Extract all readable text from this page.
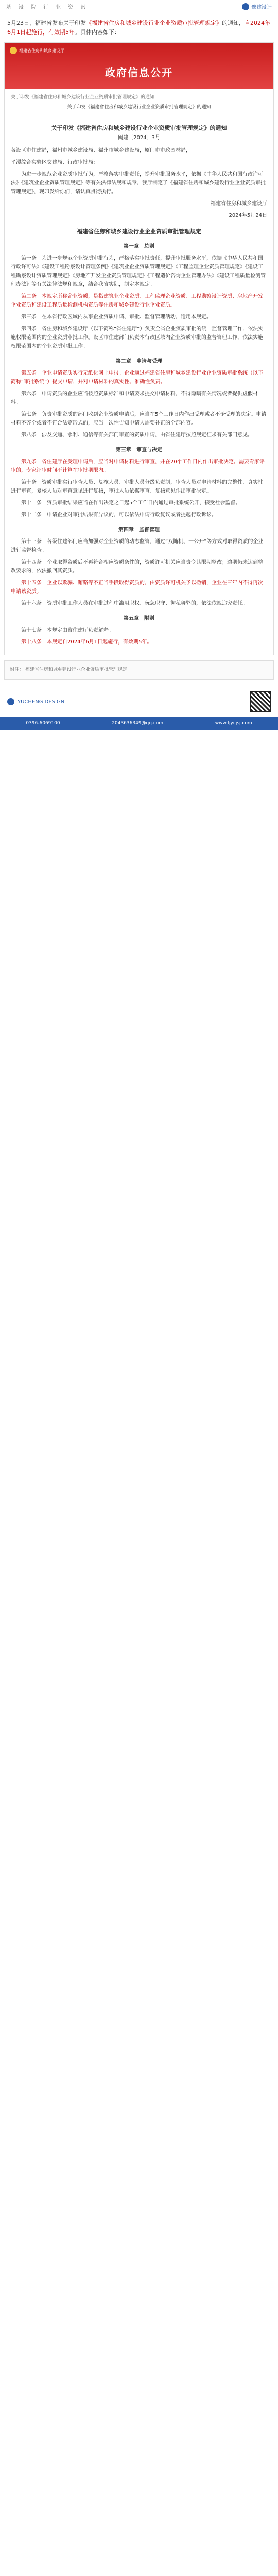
基 设 院 行 业 资 讯	豫建设计
5月23日，福建省发布关于印发《福建省住房和城乡建设行业企业资质审批管理规定》的通知，自2024年6月1日起施行，有效期5年。具体内容如下：
福建省住房和城乡建设厅
政府信息公开
关于印发《福建省住房和城乡建设行业企业资质审批管理规定》的通知
关于印发《福建省住房和城乡建设行业企业资质审批管理规定》的通知

关于印发《福建省住房和城乡建设行业企业资质审批管理规定》的通知

闽建〔2024〕3号

各设区市住建局，福州市城乡建设局、福州市城乡建设局，厦门市市政园林局，

平潭综合实验区交建局、行政审批局：

为进一步规范企业资质审批行为，严格落实审批责任，提升审批服务水平，依据《中华人民共和国行政许可法》《建筑业企业资质管理规定》等有关法律法规和规章，我厅制定了《福建省住房和城乡建设行业企业资质审批管理规定》，现印发给你们，请认真贯彻执行。

福建省住房和城乡建设厅

2024年5月24日

福建省住房和城乡建设行业企业资质审批管理规定

第一章　总则

第一条　为进一步规范企业资质审批行为，严格落实审批责任，提升审批服务水平，依据《中华人民共和国行政许可法》《建设工程勘察设计管理条例》《建筑业企业资质管理规定》《工程监理企业资质管理规定》《建设工程勘察设计资质管理规定》《房地产开发企业资质管理规定》《工程造价咨询企业管理办法》《建设工程质量检测管理办法》等有关法律法规和规章，结合我省实际，制定本规定。

第二条　本规定所称企业资质，是指建筑业企业资质、工程监理企业资质、工程勘察设计资质、房地产开发企业资质和建设工程质量检测机构资质等住房和城乡建设行业企业资质。

第三条　在本省行政区域内从事企业资质申请、审批、监督管理活动，适用本规定。

第四条　省住房和城乡建设厅（以下简称“省住建厅”）负责全省企业资质审批的统一监督管理工作，依法实施权限范围内的企业资质审批工作。设区市住建部门负责本行政区域内企业资质审批的监督管理工作，依法实施权限范围内的企业资质审批工作。

第二章　申请与受理

第五条　企业申请资质实行无纸化网上申报。企业通过福建省住房和城乡建设行业企业资质审批系统（以下简称“审批系统”）提交申请，并对申请材料的真实性、准确性负责。

第六条　申请资质的企业应当按照资质标准和申请要求提交申请材料，不得隐瞒有关情况或者提供虚假材料。

第七条　负责审批资质的部门收到企业资质申请后，应当在5个工作日内作出受理或者不予受理的决定。申请材料不齐全或者不符合法定形式的，应当一次性告知申请人需要补正的全部内容。

第八条　涉及交通、水利、通信等有关部门审查的资质申请，由省住建厅按照规定征求有关部门意见。

第三章　审查与决定

第九条　省住建厅在受理申请后，应当对申请材料进行审查，并在20个工作日内作出审批决定。需要专家评审的，专家评审时间不计算在审批期限内。

第十条　资质审批实行审查人员、复核人员、审批人员分级负责制，审查人员对申请材料的完整性、真实性进行审查，复核人员对审查意见进行复核，审批人员依据审查、复核意见作出审批决定。

第十一条　资质审批结果应当在作出决定之日起5个工作日内通过审批系统公开，接受社会监督。

第十二条　申请企业对审批结果有异议的，可以依法申请行政复议或者提起行政诉讼。

第四章　监督管理

第十三条　各级住建部门应当加强对企业资质的动态监管，通过“双随机、一公开”等方式对取得资质的企业进行监督检查。

第十四条　企业取得资质后不再符合相应资质条件的，资质许可机关应当责令其限期整改；逾期仍未达到整改要求的，依法撤回其资质。

第十五条　企业以欺骗、贿赂等不正当手段取得资质的，由资质许可机关予以撤销，企业在三年内不得再次申请该资质。

第十六条　资质审批工作人员在审批过程中滥用职权、玩忽职守、徇私舞弊的，依法依规追究责任。

第五章　附则

第十七条　本规定由省住建厅负责解释。

第十八条　本规定自2024年6月1日起施行，有效期5年。

附件： 福建省住房和城乡建设行业企业资质审批管理规定
YUCHENG DESIGN
0396-6069100	2043636349@qq.com	www.fjycjsj.com
